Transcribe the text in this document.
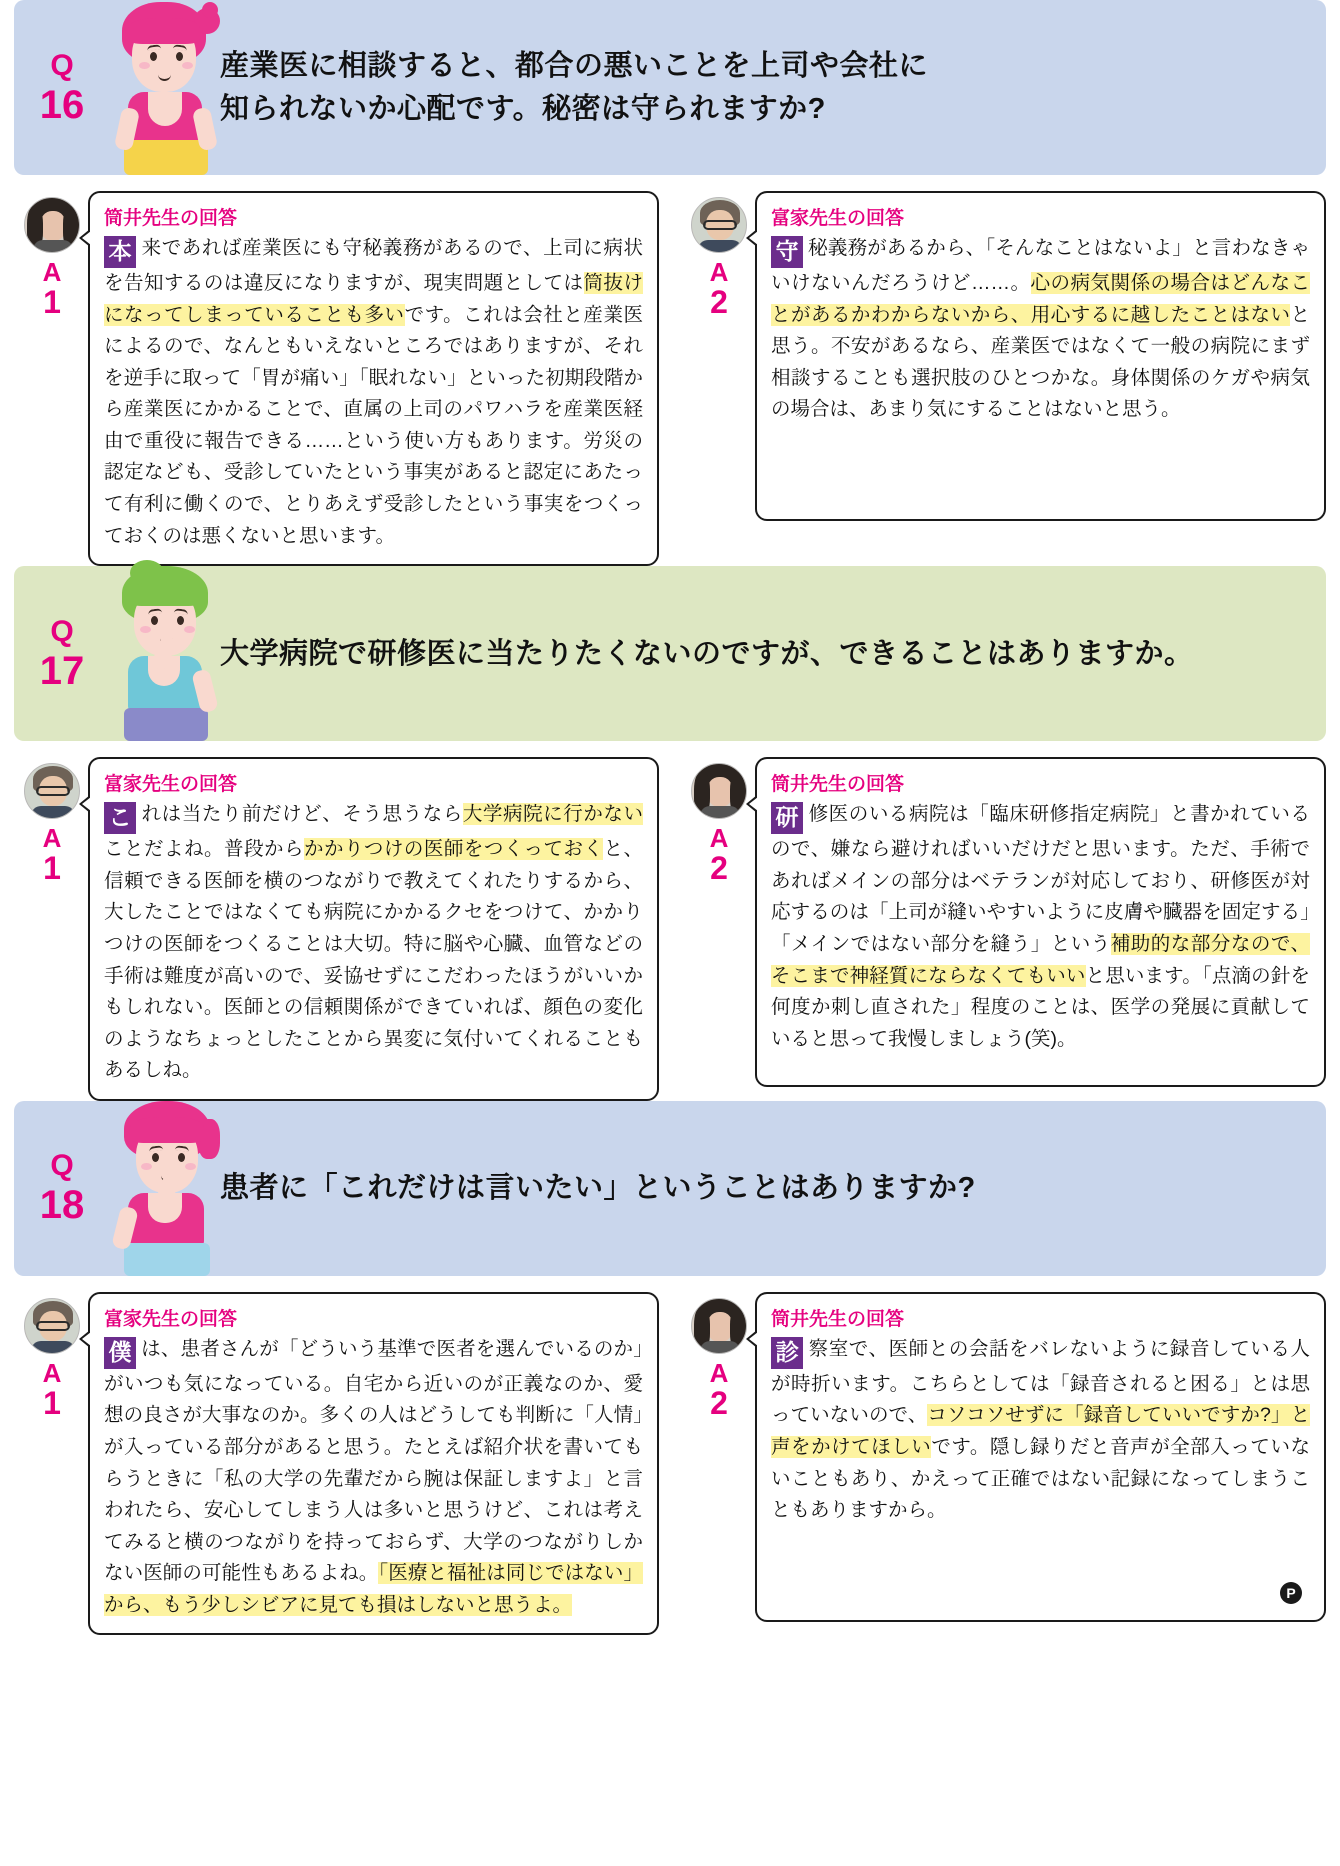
Q
16
産業医に相談すると、都合の悪いことを上司や会社に
知られないか心配です。秘密は守られますか?
A
1
筒井先生の回答
本 来であれば産業医にも守秘義務があるので、上司に病状を告知するのは違反になりますが、現実問題としては筒抜けになってしまっていることも多いです。これは会社と産業医によるので、なんともいえないところではありますが、それを逆手に取って「胃が痛い」「眠れない」といった初期段階から産業医にかかることで、直属の上司のパワハラを産業医経由で重役に報告できる……という使い方もあります。労災の認定なども、受診していたという事実があると認定にあたって有利に働くので、とりあえず受診したという事実をつくっておくのは悪くないと思います。
A
2
富家先生の回答
守 秘義務があるから、「そんなことはないよ」と言わなきゃいけないんだろうけど……。心の病気関係の場合はどんなことがあるかわからないから、用心するに越したことはないと思う。不安があるなら、産業医ではなくて一般の病院にまず相談することも選択肢のひとつかな。身体関係のケガや病気の場合は、あまり気にすることはないと思う。
Q
17	大学病院で研修医に当たりたくないのですが、できることはありますか。
A
1
富家先生の回答
こ れは当たり前だけど、そう思うなら大学病院に行かないことだよね。普段からかかりつけの医師をつくっておくと、信頼できる医師を横のつながりで教えてくれたりするから、大したことではなくても病院にかかるクセをつけて、かかりつけの医師をつくることは大切。特に脳や心臓、血管などの手術は難度が高いので、妥協せずにこだわったほうがいいかもしれない。医師との信頼関係ができていれば、顔色の変化のようなちょっとしたことから異変に気付いてくれることもあるしね。
A
2
筒井先生の回答
研 修医のいる病院は「臨床研修指定病院」と書かれているので、嫌なら避ければいいだけだと思います。ただ、手術であればメインの部分はベテランが対応しており、研修医が対応するのは「上司が縫いやすいように皮膚や臓器を固定する」「メインではない部分を縫う」という補助的な部分なので、そこまで神経質にならなくてもいいと思います。「点滴の針を何度か刺し直された」程度のことは、医学の発展に貢献していると思って我慢しましょう(笑)。
Q
18	患者に「これだけは言いたい」ということはありますか?
A
1
富家先生の回答
僕 は、患者さんが「どういう基準で医者を選んでいるのか」がいつも気になっている。自宅から近いのが正義なのか、愛想の良さが大事なのか。多くの人はどうしても判断に「人情」が入っている部分があると思う。たとえば紹介状を書いてもらうときに「私の大学の先輩だから腕は保証しますよ」と言われたら、安心してしまう人は多いと思うけど、これは考えてみると横のつながりを持っておらず、大学のつながりしかない医師の可能性もあるよね。「医療と福祉は同じではない」から、もう少しシビアに見ても損はしないと思うよ。
A
2
筒井先生の回答
診 察室で、医師との会話をバレないように録音している人が時折います。こちらとしては「録音されると困る」とは思っていないので、コソコソせずに「録音していいですか?」と声をかけてほしいです。隠し録りだと音声が全部入っていないこともあり、かえって正確ではない記録になってしまうこともありますから。
P
